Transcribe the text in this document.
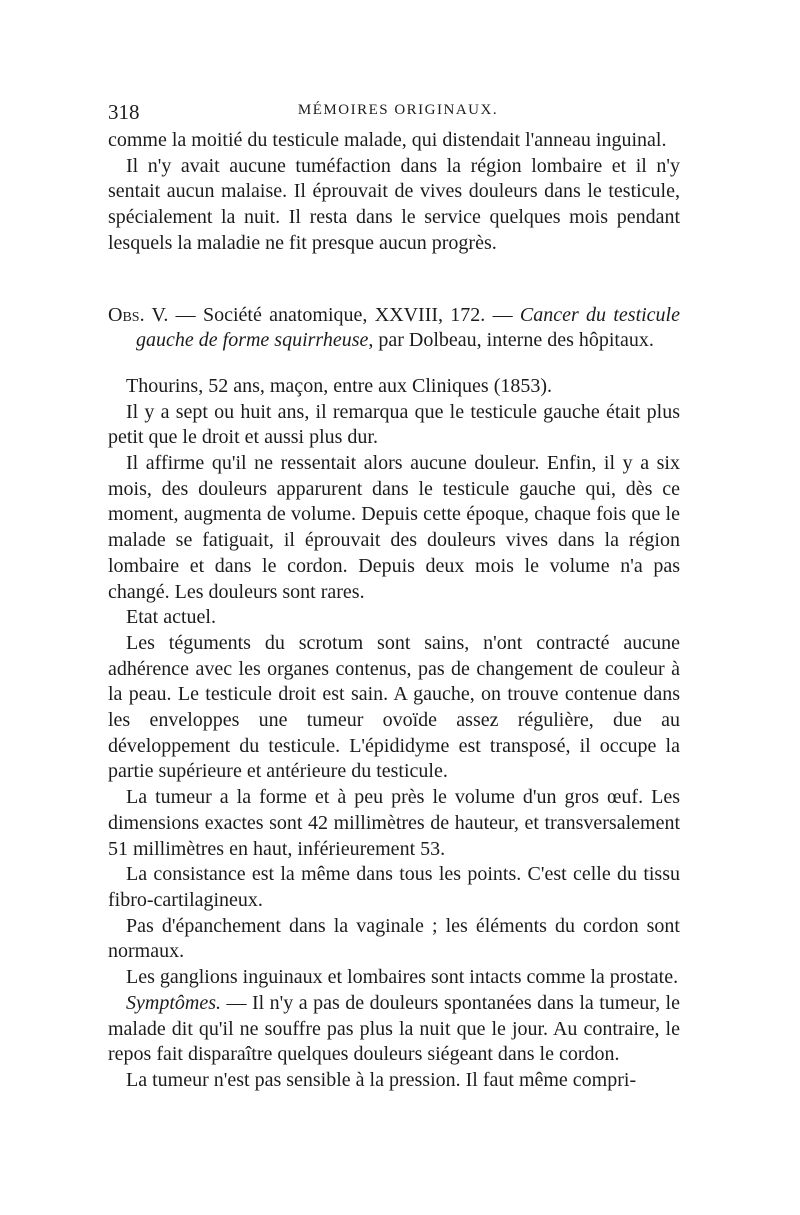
318	MÉMOIRES ORIGINAUX.

comme la moitié du testicule malade, qui distendait l'anneau inguinal.

Il n'y avait aucune tuméfaction dans la région lombaire et il n'y sentait aucun malaise. Il éprouvait de vives douleurs dans le testicule, spécialement la nuit. Il resta dans le service quelques mois pendant lesquels la maladie ne fit presque aucun progrès.

Obs. V. — Société anatomique, XXVIII, 172. — Cancer du testicule gauche de forme squirrheuse, par Dolbeau, interne des hôpitaux.

Thourins, 52 ans, maçon, entre aux Cliniques (1853).

Il y a sept ou huit ans, il remarqua que le testicule gauche était plus petit que le droit et aussi plus dur.

Il affirme qu'il ne ressentait alors aucune douleur. Enfin, il y a six mois, des douleurs apparurent dans le testicule gauche qui, dès ce moment, augmenta de volume. Depuis cette époque, chaque fois que le malade se fatiguait, il éprouvait des douleurs vives dans la région lombaire et dans le cordon. Depuis deux mois le volume n'a pas changé. Les douleurs sont rares.

Etat actuel.

Les téguments du scrotum sont sains, n'ont contracté aucune adhérence avec les organes contenus, pas de changement de couleur à la peau. Le testicule droit est sain. A gauche, on trouve contenue dans les enveloppes une tumeur ovoïde assez régulière, due au développement du testicule. L'épididyme est transposé, il occupe la partie supérieure et antérieure du testicule.

La tumeur a la forme et à peu près le volume d'un gros œuf. Les dimensions exactes sont 42 millimètres de hauteur, et transversalement 51 millimètres en haut, inférieurement 53.

La consistance est la même dans tous les points. C'est celle du tissu fibro-cartilagineux.

Pas d'épanchement dans la vaginale ; les éléments du cordon sont normaux.

Les ganglions inguinaux et lombaires sont intacts comme la prostate.

Symptômes. — Il n'y a pas de douleurs spontanées dans la tumeur, le malade dit qu'il ne souffre pas plus la nuit que le jour. Au contraire, le repos fait disparaître quelques douleurs siégeant dans le cordon.

La tumeur n'est pas sensible à la pression. Il faut même compri-
